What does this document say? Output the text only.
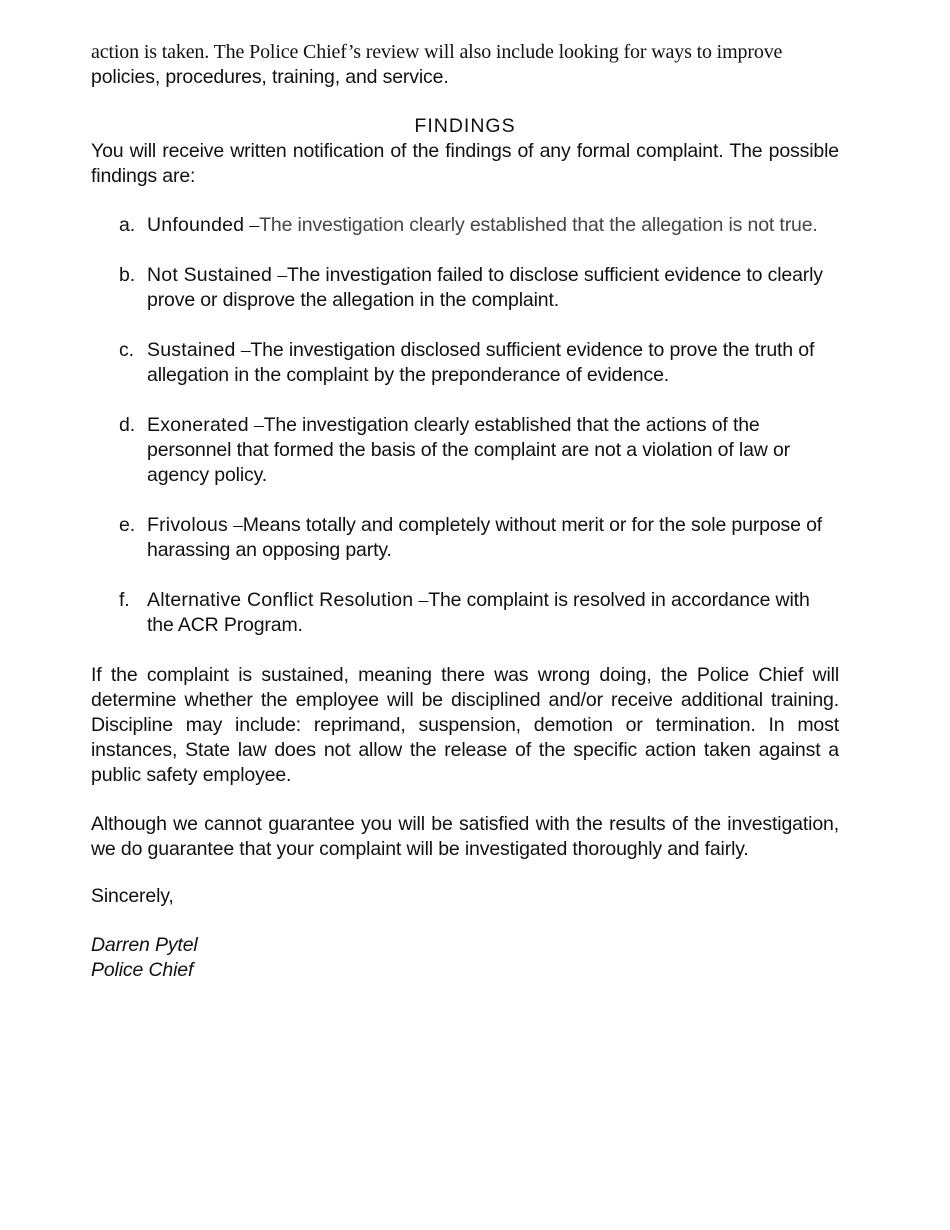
action is taken. The Police Chief’s review will also include looking for ways to improve

policies, procedures, training, and service.

FINDINGS

You will receive written notification of the findings of any formal complaint. The possible findings are:

a. Unfounded –The investigation clearly established that the allegation is not true.
b. Not Sustained –The investigation failed to disclose sufficient evidence to clearly prove or disprove the allegation in the complaint.
c. Sustained –The investigation disclosed sufficient evidence to prove the truth of allegation in the complaint by the preponderance of evidence.
d. Exonerated –The investigation clearly established that the actions of the personnel that formed the basis of the complaint are not a violation of law or agency policy.
e. Frivolous –Means totally and completely without merit or for the sole purpose of harassing an opposing party.
f. Alternative Conflict Resolution –The complaint is resolved in accordance with the ACR Program.

If the complaint is sustained, meaning there was wrong doing, the Police Chief will determine whether the employee will be disciplined and/or receive additional training. Discipline may include: reprimand, suspension, demotion or termination. In most instances, State law does not allow the release of the specific action taken against a public safety employee.

Although we cannot guarantee you will be satisfied with the results of the investigation, we do guarantee that your complaint will be investigated thoroughly and fairly.

Sincerely,

Darren Pytel

Police Chief
